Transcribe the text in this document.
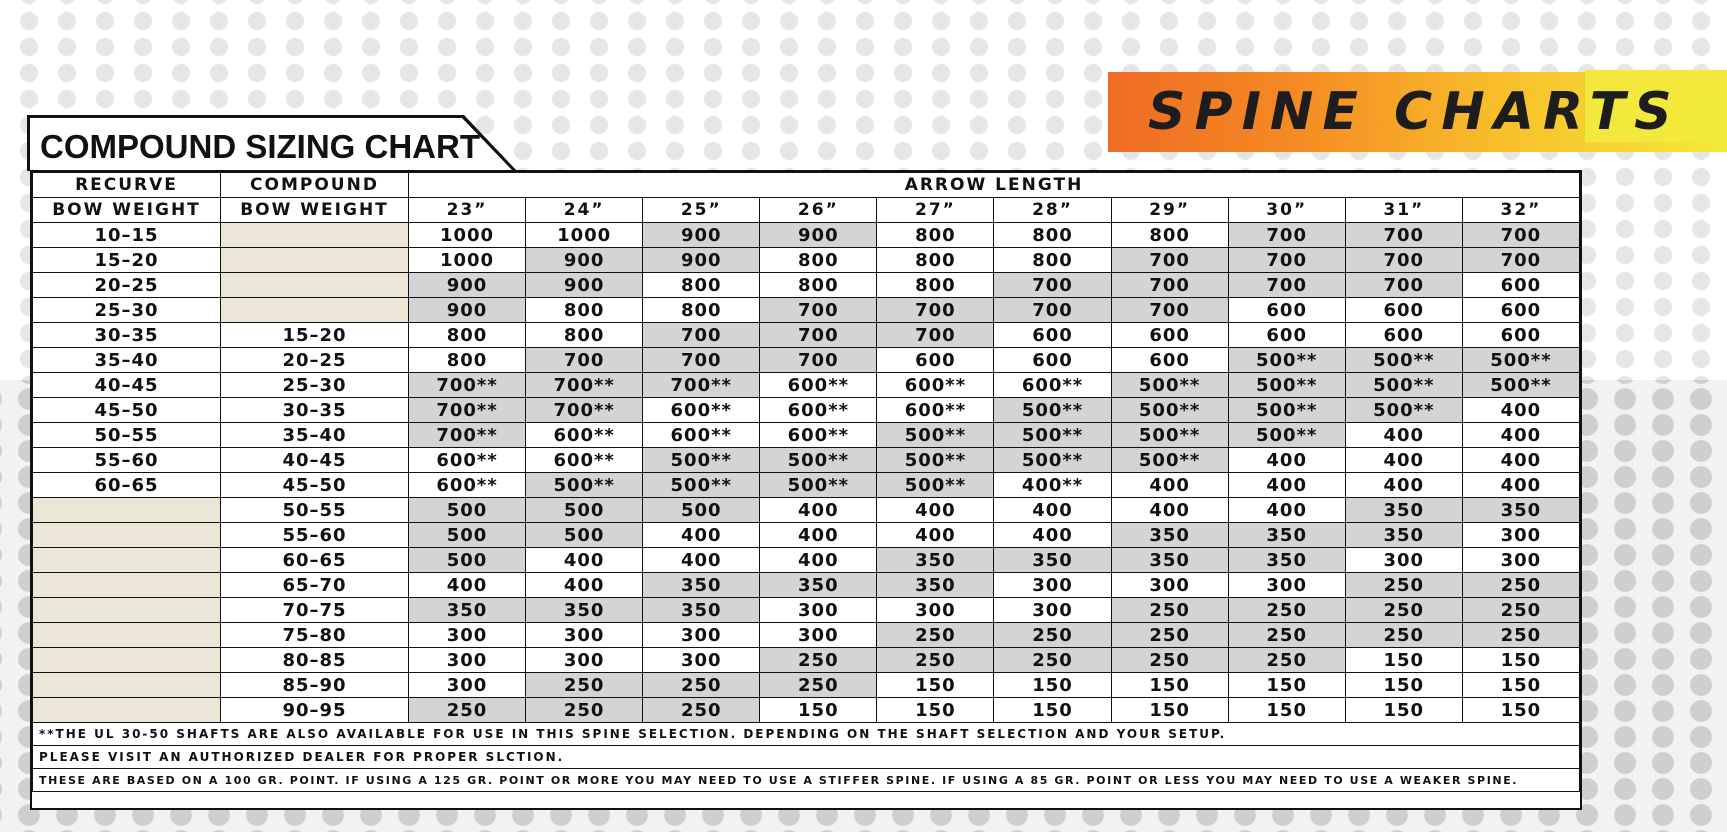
SPINE CHARTS
COMPOUND SIZING CHART
RECURVE	COMPOUND	ARROW LENGTH									
BOW WEIGHT	BOW WEIGHT	23”	24”	25”	26”	27”	28”	29”	30”	31”	32”
10–15		1000	1000	900	900	800	800	800	700	700	700
15–20		1000	900	900	800	800	800	700	700	700	700
20–25		900	900	800	800	800	700	700	700	700	600
25–30		900	800	800	700	700	700	700	600	600	600
30–35	15–20	800	800	700	700	700	600	600	600	600	600
35–40	20–25	800	700	700	700	600	600	600	500**	500**	500**
40–45	25–30	700**	700**	700**	600**	600**	600**	500**	500**	500**	500**
45–50	30–35	700**	700**	600**	600**	600**	500**	500**	500**	500**	400
50–55	35–40	700**	600**	600**	600**	500**	500**	500**	500**	400	400
55–60	40–45	600**	600**	500**	500**	500**	500**	500**	400	400	400
60–65	45–50	600**	500**	500**	500**	500**	400**	400	400	400	400
	50–55	500	500	500	400	400	400	400	400	350	350
	55–60	500	500	400	400	400	400	350	350	350	300
	60–65	500	400	400	400	350	350	350	350	300	300
	65–70	400	400	350	350	350	300	300	300	250	250
	70–75	350	350	350	300	300	300	250	250	250	250
	75–80	300	300	300	300	250	250	250	250	250	250
	80–85	300	300	300	250	250	250	250	250	150	150
	85–90	300	250	250	250	150	150	150	150	150	150
	90–95	250	250	250	150	150	150	150	150	150	150
**THE UL 30-50 SHAFTS ARE ALSO AVAILABLE FOR USE IN THIS SPINE SELECTION. DEPENDING ON THE SHAFT SELECTION AND YOUR SETUP.											
PLEASE VISIT AN AUTHORIZED DEALER FOR PROPER SLCTION.											
THESE ARE BASED ON A 100 GR. POINT. IF USING A 125 GR. POINT OR MORE YOU MAY NEED TO USE A STIFFER SPINE. IF USING A 85 GR. POINT OR LESS YOU MAY NEED TO USE A WEAKER SPINE.											
